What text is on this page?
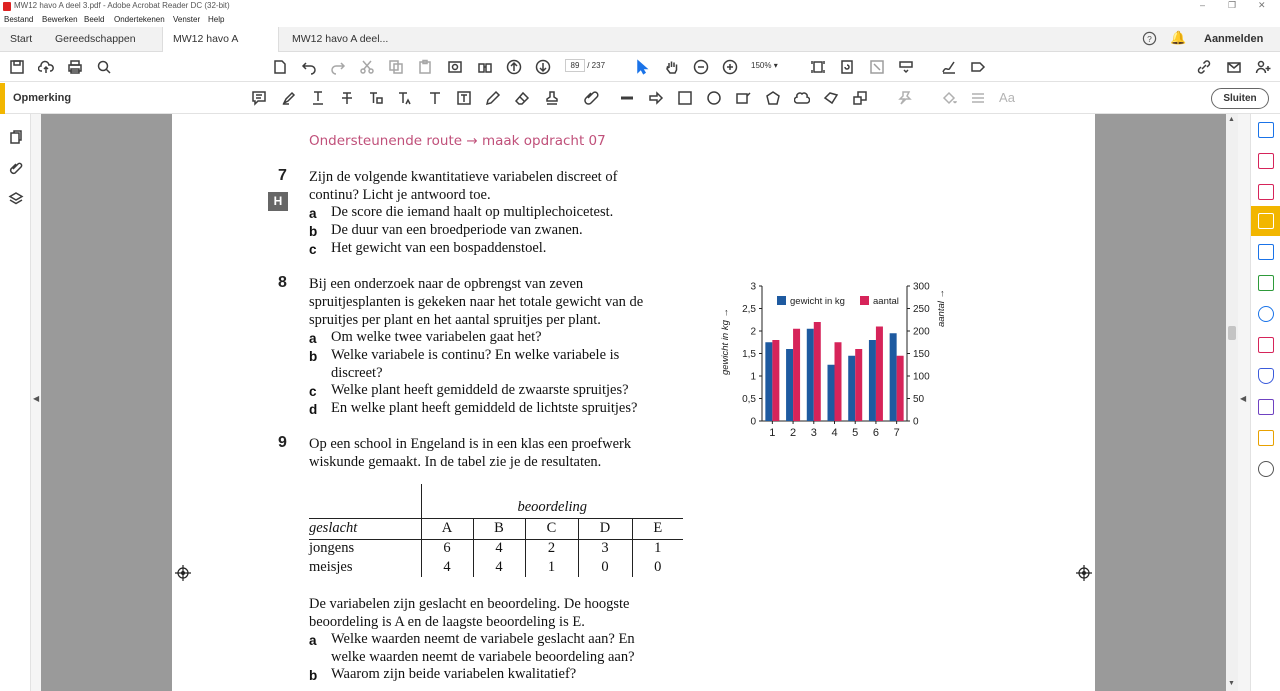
MW12 havo A deel 3.pdf - Adobe Acrobat Reader DC (32-bit)	–	❐ ✕
Bestand Bewerken Beeld Ondertekenen Venster Help
Start	Gereedschappen	MW12 havo A	MW12 havo A deel...	? 🔔 Aanmelden
89 / 237	150% ▾
Opmerking	Aa	Sluiten
◀
Ondersteunende route → maak opdracht 07
7
H
Zijn de volgende kwantitatieve variabelen discreet of
continu? Licht je antwoord toe.
a De score die iemand haalt op multiplechoicetest.
b De duur van een broedperiode van zwanen.
c Het gewicht van een bospaddenstoel.
8 Bij een onderzoek naar de opbrengst van zeven
spruitjesplanten is gekeken naar het totale gewicht van de
spruitjes per plant en het aantal spruitjes per plant.
a Om welke twee variabelen gaat het?
b Welke variabele is continu? En welke variabele is
discreet?
c Welke plant heeft gemiddeld de zwaarste spruitjes?
d En welke plant heeft gemiddeld de lichtste spruitjes?
0	0
0,5	50
1	100
1,5	150
2	200
2,5	250
3	300
gewicht in kg →	aantal →
1 2 3 4 5 6 7
gewicht in kg	aantal
9 Op een school in Engeland is in een klas een proefwerk
wiskunde gemaakt. In de tabel zie je de resultaten.
	beoordeling				
geslacht	A	B	C	D	E
jongens	6	4	2	3	1
meisjes	4	4	1	0	0
De variabelen zijn geslacht en beoordeling. De hoogste
beoordeling is A en de laagste beoordeling is E.
a Welke waarden neemt de variabele geslacht aan? En
welke waarden neemt de variabele beoordeling aan?
b Waarom zijn beide variabelen kwalitatief?
▲
▼
◀
